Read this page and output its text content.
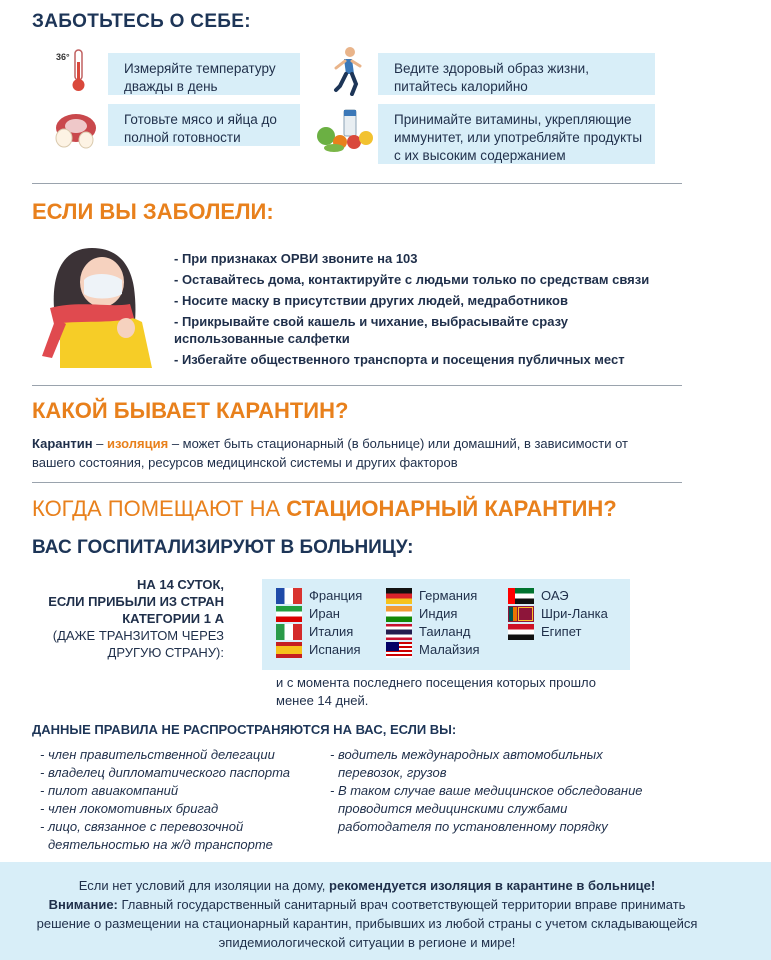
ЗАБОТЬТЕСЬ О СЕБЕ:
36°
Измеряйте температуру дважды в день
Ведите здоровый образ жизни, питайтесь калорийно
Готовьте мясо и яйца до полной готовности
Принимайте витамины, укрепляющие иммунитет, или употребляйте продукты с их высоким содержанием
ЕСЛИ ВЫ ЗАБОЛЕЛИ:
- При признаках ОРВИ звоните на 103
- Оставайтесь дома, контактируйте с людьми только по средствам связи
- Носите маску в присутствии других людей, медработников
- Прикрывайте свой кашель и чихание, выбрасывайте сразу использованные салфетки
- Избегайте общественного транспорта и посещения публичных мест
КАКОЙ БЫВАЕТ КАРАНТИН?
Карантин – изоляция – может быть стационарный (в больнице) или домашний, в зависимости от вашего состояния, ресурсов медицинской системы и других факторов
КОГДА ПОМЕЩАЮТ НА СТАЦИОНАРНЫЙ КАРАНТИН?
ВАС ГОСПИТАЛИЗИРУЮТ В БОЛЬНИЦУ:
НА 14 СУТОК,
ЕСЛИ ПРИБЫЛИ ИЗ СТРАН
КАТЕГОРИИ 1 А
(ДАЖЕ ТРАНЗИТОМ ЧЕРЕЗ
ДРУГУЮ СТРАНУ):
Франция
Иран
Италия
Испания
Германия
Индия
Таиланд
Малайзия
ОАЭ
Шри-Ланка
Египет
и с момента последнего посещения которых прошло менее 14 дней.
ДАННЫЕ ПРАВИЛА НЕ РАСПРОСТРАНЯЮТСЯ НА ВАС, ЕСЛИ ВЫ:
- член правительственной делегации
- владелец дипломатического паспорта
- пилот авиакомпаний
- член локомотивных бригад
- лицо, связанное с перевозочной
деятельностью на ж/д транспорте
- водитель международных автомобильных
перевозок, грузов
- В таком случае ваше медицинское обследование
проводится медицинскими службами
работодателя по установленному порядку
Если нет условий для изоляции на дому, рекомендуется изоляция в карантине в больнице!
Внимание: Главный государственный санитарный врач соответствующей территории вправе принимать решение о размещении на стационарный карантин, прибывших из любой страны с учетом складывающейся эпидемиологической ситуации в регионе и мире!
